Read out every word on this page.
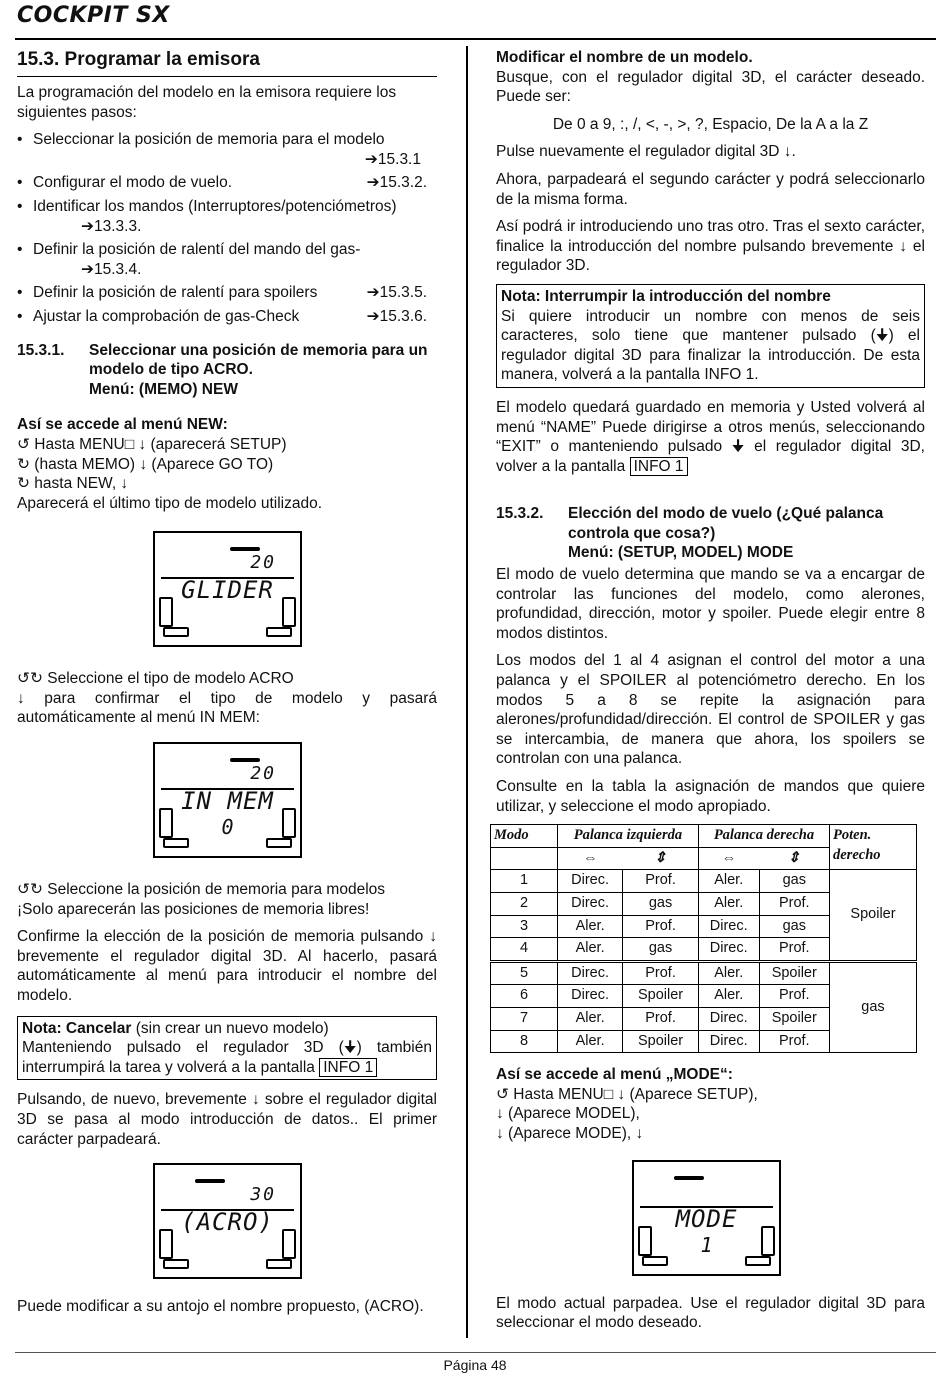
COCKPIT SX
15.3. Programar la emisora

La programación del modelo en la emisora requiere los siguientes pasos:

• Seleccionar la posición de memoria para el modelo
➔15.3.1
• Configurar el modo de vuelo.	➔15.3.2.
• Identificar los mandos (Interruptores/potenciómetros)
➔13.3.3.
• Definir la posición de ralentí del mando del gas-
➔15.3.4.
• Definir la posición de ralentí para spoilers	➔15.3.5.
• Ajustar la comprobación de gas-Check	➔15.3.6.
15.3.1.	Seleccionar una posición de memoria para un modelo de tipo ACRO.
Menú: (MEMO) NEW

Así se accede al menú NEW:

↺ Hasta MENU□ ↓ (aparecerá SETUP)

↻ (hasta MEMO) ↓ (Aparece GO TO)

↻ hasta NEW, ↓

Aparecerá el último tipo de modelo utilizado.

20
GLIDER

↺↻ Seleccione el tipo de modelo ACRO

↓ para confirmar el tipo de modelo y pasará automáticamente al menú IN MEM:

20
IN MEM
0

↺↻ Seleccione la posición de memoria para modelos

¡Solo aparecerán las posiciones de memoria libres!

Confirme la elección de la posición de memoria pulsando ↓ brevemente el regulador digital 3D. Al hacerlo, pasará automáticamente al menú para introducir el nombre del modelo.

Nota: Cancelar (sin crear un nuevo modelo)
Manteniendo pulsado el regulador 3D (🠋) también interrumpirá la tarea y volverá a la pantalla INFO 1

Pulsando, de nuevo, brevemente ↓ sobre el regulador digital 3D se pasa al modo introducción de datos.. El primer carácter parpadeará.

30
(ACRO)

Puede modificar a su antojo el nombre propuesto, (ACRO).

Modificar el nombre de un modelo.

Busque, con el regulador digital 3D, el carácter deseado. Puede ser:

De 0 a 9, :, /, <, -, >, ?, Espacio, De la A a la Z

Pulse nuevamente el regulador digital 3D ↓.

Ahora, parpadeará el segundo carácter y podrá seleccionarlo de la misma forma.

Así podrá ir introduciendo uno tras otro. Tras el sexto carácter, finalice la introducción del nombre pulsando brevemente ↓ el regulador 3D.

Nota: Interrumpir la introducción del nombre
Si quiere introducir un nombre con menos de seis caracteres, solo tiene que mantener pulsado (🠋) el regulador digital 3D para finalizar la introducción. De esta manera, volverá a la pantalla INFO 1.

El modelo quedará guardado en memoria y Usted volverá al menú “NAME” Puede dirigirse a otros menús, seleccionando “EXIT” o manteniendo pulsado 🠋 el regulador digital 3D, volver a la pantalla INFO 1

15.3.2.	Elección del modo de vuelo (¿Qué palanca controla que cosa?)
Menú: (SETUP, MODEL) MODE

El modo de vuelo determina que mando se va a encargar de controlar las funciones del modelo, como alerones, profundidad, dirección, motor y spoiler. Puede elegir entre 8 modos distintos.

Los modos del 1 al 4 asignan el control del motor a una palanca y el SPOILER al potenciómetro derecho. En los modos 5 a 8 se repite la asignación para alerones/profundidad/dirección. El control de SPOILER y gas se intercambia, de manera que ahora, los spoilers se controlan con una palanca.

Consulte en la tabla la asignación de mandos que quiere utilizar, y seleccione el modo apropiado.

Modo	Palanca izquierda		Palanca derecha		Poten. derecho
	⇔	⇕	⇔	⇕	
1	Direc.	Prof.	Aler.	gas	Spoiler
2	Direc.	gas	Aler.	Prof.	
3	Aler.	Prof.	Direc.	gas	
4	Aler.	gas	Direc.	Prof.	
5	Direc.	Prof.	Aler.	Spoiler	gas
6	Direc.	Spoiler	Aler.	Prof.	
7	Aler.	Prof.	Direc.	Spoiler	
8	Aler.	Spoiler	Direc.	Prof.	

Así se accede al menú „MODE“:

↺ Hasta MENU□ ↓ (Aparece SETUP),

↓ (Aparece MODEL),

↓ (Aparece MODE), ↓

MODE
1

El modo actual parpadea. Use el regulador digital 3D para seleccionar el modo deseado.

Página 48
